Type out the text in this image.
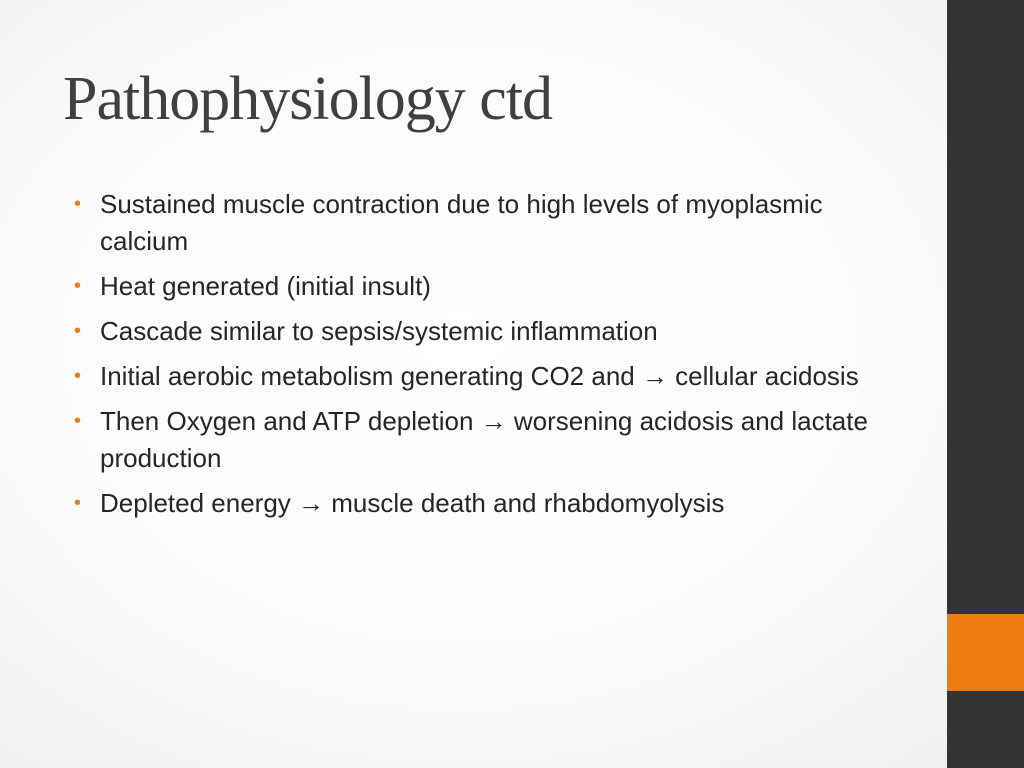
Pathophysiology ctd
• Sustained muscle contraction due to high levels of myoplasmic calcium
• Heat generated (initial insult)
• Cascade similar to sepsis/systemic inflammation
• Initial aerobic metabolism generating CO2 and → cellular acidosis
• Then Oxygen and ATP depletion → worsening acidosis and lactate production
• Depleted energy → muscle death and rhabdomyolysis
